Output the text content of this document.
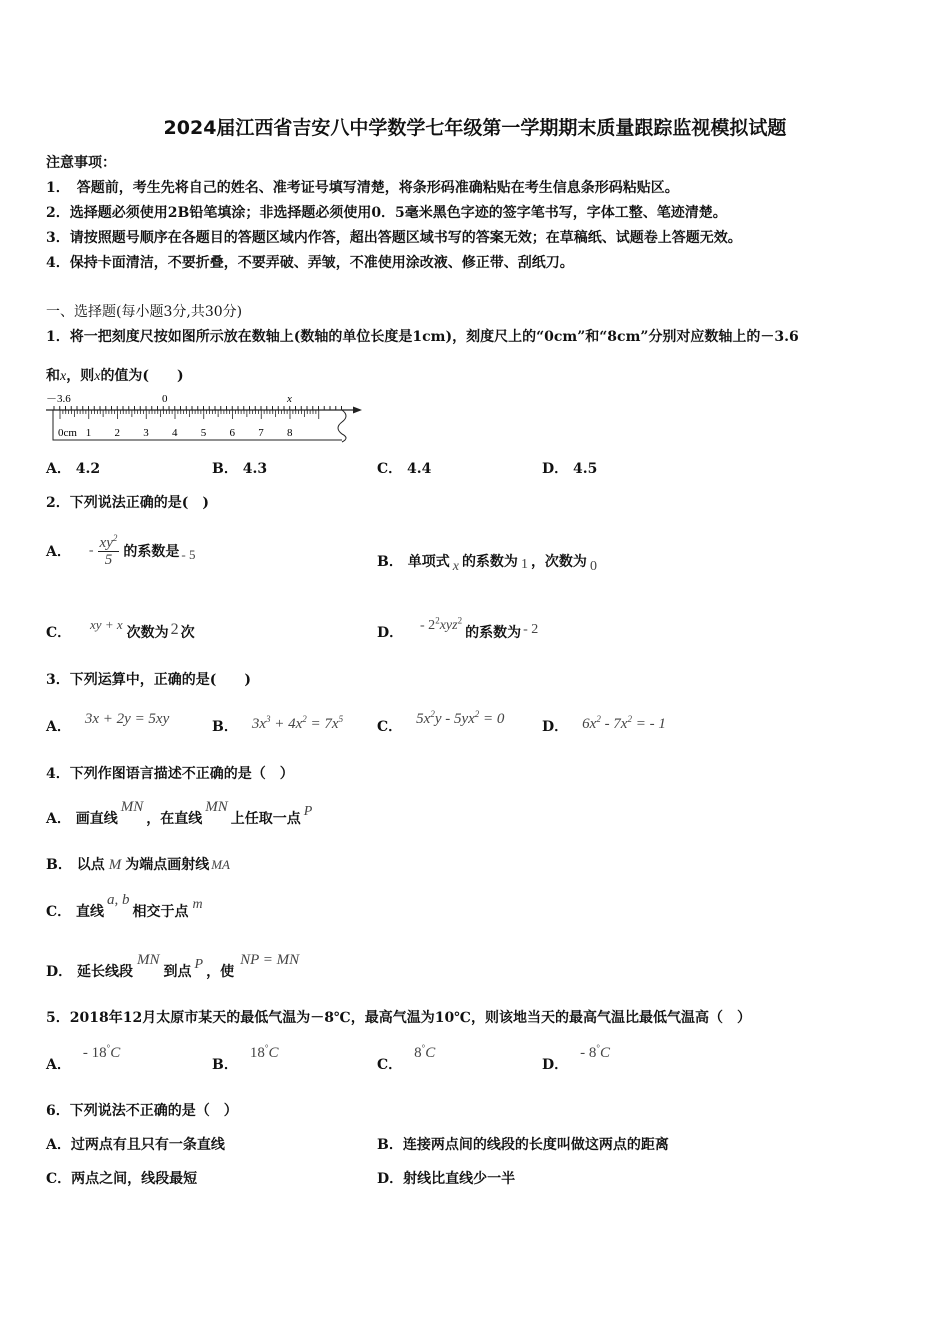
2024届江西省吉安八中学数学七年级第一学期期末质量跟踪监视模拟试题
注意事项：
1．　答题前，考生先将自己的姓名、准考证号填写清楚，将条形码准确粘贴在考生信息条形码粘贴区。
2．选择题必须使用2B铅笔填涂；非选择题必须使用0．5毫米黑色字迹的签字笔书写，字体工整、笔迹清楚。
3．请按照题号顺序在各题目的答题区域内作答，超出答题区域书写的答案无效；在草稿纸、试题卷上答题无效。
4．保持卡面清洁，不要折叠，不要弄破、弄皱，不准使用涂改液、修正带、刮纸刀。
一、选择题(每小题3分,共30分)
1．将一把刻度尺按如图所示放在数轴上(数轴的单位长度是1cm)，刻度尺上的“0cm”和“8cm”分别对应数轴上的－3.6
和x，则x的值为(　　)
－3.6	0	x
0cm 1 2 3 4 5 6 7 8
A． 4.2	B． 4.3	C． 4.4	D． 4.5
2．下列说法正确的是(　)
A． - $\frac{xy^2}{5}$ 的系数是 - 5	B． 单项式 x 的系数为 1 ，次数为 0
C． xy + x次数为 2 次	D． - $2^2xyz^2$的系数为 - 2
3．下列运算中，正确的是(　　)
A． 3x + 2y = 5xy	B． $3x^3 + 4x^2 = 7x^5$ C． $5x^2y - 5yx^2 = 0$	D． $6x^2 - 7x^2$ = - 1
4．下列作图语言描述不正确的是（　）
A． 画直线MN，在直线MN上任取一点 P
B． 以点 M 为端点画射线 MA
C． 直线a, b相交于点 m
D． 延长线段MN到点 P ，使NP = MN
5．2018年12月太原市某天的最低气温为－8℃，最高气温为10℃，则该地当天的最高气温比最低气温高（　）
A．- 18°C
B．18°C
C．8°C
D．- 8°C
6．下列说法不正确的是（　）
A．过两点有且只有一条直线	B．连接两点间的线段的长度叫做这两点的距离
C．两点之间，线段最短	D．射线比直线少一半
